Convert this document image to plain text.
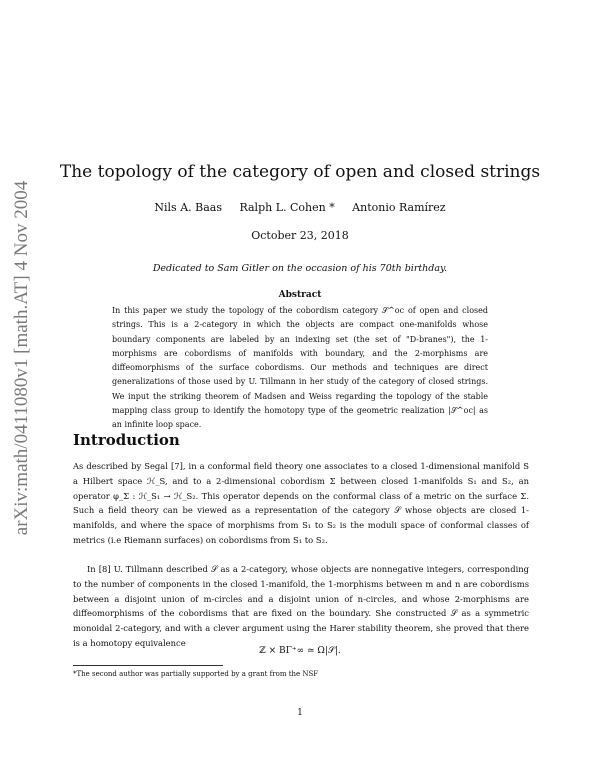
arXiv:math/0411080v1 [math.AT] 4 Nov 2004
The topology of the category of open and closed strings
Nils A. Baas     Ralph L. Cohen *     Antonio Ramírez
October 23, 2018
Dedicated to Sam Gitler on the occasion of his 70th birthday.
Abstract
In this paper we study the topology of the cobordism category 𝒮^oc of open and closed strings. This is a 2-category in which the objects are compact one-manifolds whose boundary components are labeled by an indexing set (the set of "D-branes"), the 1-morphisms are cobordisms of manifolds with boundary, and the 2-morphisms are diffeomorphisms of the surface cobordisms. Our methods and techniques are direct generalizations of those used by U. Tillmann in her study of the category of closed strings. We input the striking theorem of Madsen and Weiss regarding the topology of the stable mapping class group to identify the homotopy type of the geometric realization |𝒮^oc| as an infinite loop space.
Introduction
As described by Segal [7], in a conformal field theory one associates to a closed 1-dimensional manifold S a Hilbert space ℋ_S, and to a 2-dimensional cobordism Σ between closed 1-manifolds S₁ and S₂, an operator φ_Σ : ℋ_S₁ → ℋ_S₂. This operator depends on the conformal class of a metric on the surface Σ. Such a field theory can be viewed as a representation of the category 𝒮 whose objects are closed 1-manifolds, and where the space of morphisms from S₁ to S₂ is the moduli space of conformal classes of metrics (i.e Riemann surfaces) on cobordisms from S₁ to S₂.
In [8] U. Tillmann described 𝒮 as a 2-category, whose objects are nonnegative integers, corresponding to the number of components in the closed 1-manifold, the 1-morphisms between m and n are cobordisms between a disjoint union of m-circles and a disjoint union of n-circles, and whose 2-morphisms are diffeomorphisms of the cobordisms that are fixed on the boundary. She constructed 𝒮 as a symmetric monoidal 2-category, and with a clever argument using the Harer stability theorem, she proved that there is a homotopy equivalence
ℤ × BΓ⁺∞ ≃ Ω|𝒮|.
*The second author was partially supported by a grant from the NSF
1
